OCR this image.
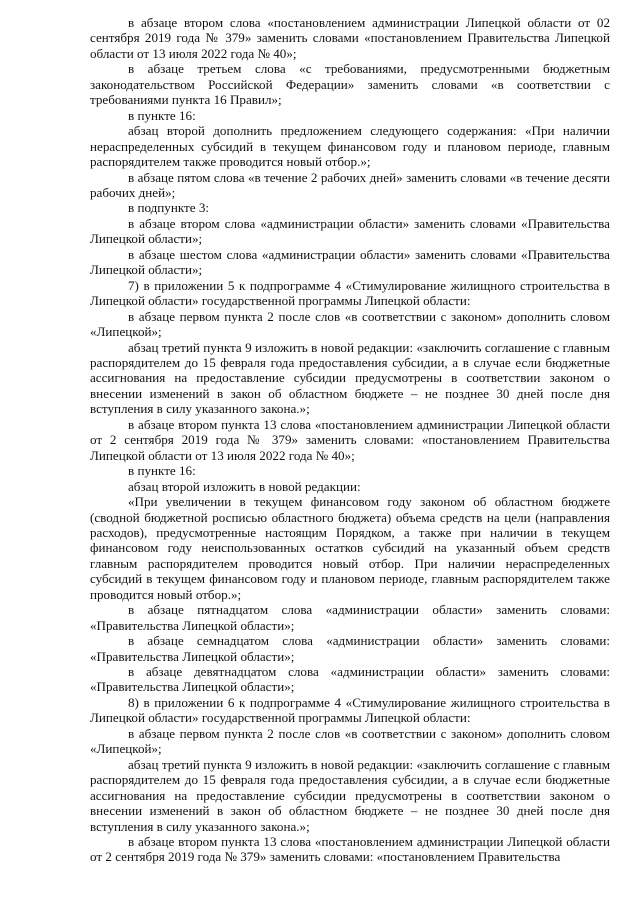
в абзаце втором слова «постановлением администрации Липецкой области от 02 сентября 2019 года № 379» заменить словами «постановлением Правительства Липецкой области от 13 июля 2022 года № 40»;

в абзаце третьем слова «с требованиями, предусмотренными бюджетным законодательством Российской Федерации» заменить словами «в соответствии с требованиями пункта 16 Правил»;

в пункте 16:

абзац второй дополнить предложением следующего содержания: «При наличии нераспределенных субсидий в текущем финансовом году и плановом периоде, главным распорядителем также проводится новый отбор.»;

в абзаце пятом слова «в течение 2 рабочих дней» заменить словами «в течение десяти рабочих дней»;

в подпункте 3:

в абзаце втором слова «администрации области» заменить словами «Правительства Липецкой области»;

в абзаце шестом слова «администрации области» заменить словами «Правительства Липецкой области»;

7) в приложении 5 к подпрограмме 4 «Стимулирование жилищного строительства в Липецкой области» государственной программы Липецкой области:

в абзаце первом пункта 2 после слов «в соответствии с законом» дополнить словом «Липецкой»;

абзац третий пункта 9 изложить в новой редакции: «заключить соглашение с главным распорядителем до 15 февраля года предоставления субсидии, а в случае если бюджетные ассигнования на предоставление субсидии предусмотрены в соответствии законом о внесении изменений в закон об областном бюджете – не позднее 30 дней после дня вступления в силу указанного закона.»;

в абзаце втором пункта 13 слова «постановлением администрации Липецкой области от 2 сентября 2019 года № 379» заменить словами: «постановлением Правительства Липецкой области от 13 июля 2022 года № 40»;

в пункте 16:

абзац второй изложить в новой редакции:

«При увеличении в текущем финансовом году законом об областном бюджете (сводной бюджетной росписью областного бюджета) объема средств на цели (направления расходов), предусмотренные настоящим Порядком, а также при наличии в текущем финансовом году неиспользованных остатков субсидий на указанный объем средств главным распорядителем проводится новый отбор. При наличии нераспределенных субсидий в текущем финансовом году и плановом периоде, главным распорядителем также проводится новый отбор.»;

в абзаце пятнадцатом слова «администрации области» заменить словами: «Правительства Липецкой области»;

в абзаце семнадцатом слова «администрации области» заменить словами: «Правительства Липецкой области»;

в абзаце девятнадцатом слова «администрации области» заменить словами: «Правительства Липецкой области»;

8) в приложении 6 к подпрограмме 4 «Стимулирование жилищного строительства в Липецкой области» государственной программы Липецкой области:

в абзаце первом пункта 2 после слов «в соответствии с законом» дополнить словом «Липецкой»;

абзац третий пункта 9 изложить в новой редакции: «заключить соглашение с главным распорядителем до 15 февраля года предоставления субсидии, а в случае если бюджетные ассигнования на предоставление субсидии предусмотрены в соответствии законом о внесении изменений в закон об областном бюджете – не позднее 30 дней после дня вступления в силу указанного закона.»;

в абзаце втором пункта 13 слова «постановлением администрации Липецкой области от 2 сентября 2019 года № 379» заменить словами: «постановлением Правительства
